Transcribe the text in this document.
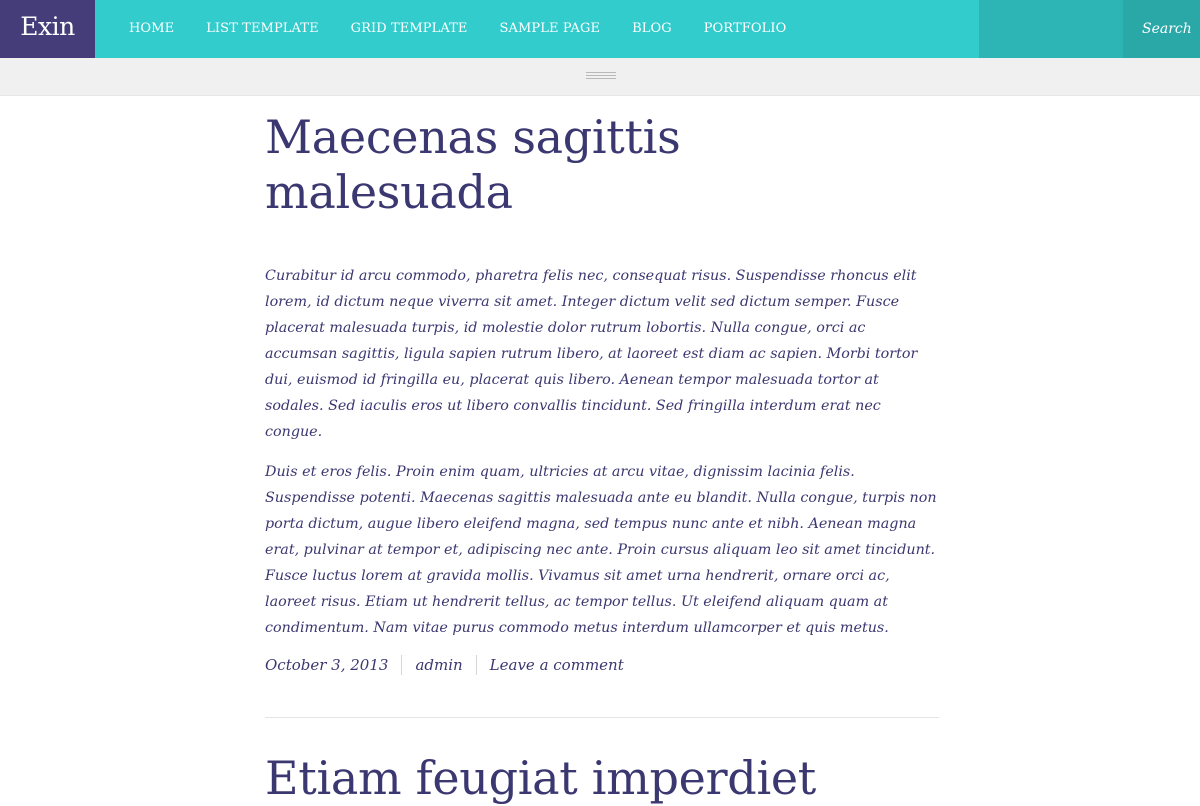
Exin	HOME	LIST TEMPLATE	GRID TEMPLATE	SAMPLE PAGE	BLOG	PORTFOLIO	Search
Maecenas sagittis malesuada

Curabitur id arcu commodo, pharetra felis nec, consequat risus. Suspendisse rhoncus elit lorem, id dictum neque viverra sit amet. Integer dictum velit sed dictum semper. Fusce placerat malesuada turpis, id molestie dolor rutrum lobortis. Nulla congue, orci ac accumsan sagittis, ligula sapien rutrum libero, at laoreet est diam ac sapien. Morbi tortor dui, euismod id fringilla eu, placerat quis libero. Aenean tempor malesuada tortor at sodales. Sed iaculis eros ut libero convallis tincidunt. Sed fringilla interdum erat nec congue.

Duis et eros felis. Proin enim quam, ultricies at arcu vitae, dignissim lacinia felis. Suspendisse potenti. Maecenas sagittis malesuada ante eu blandit. Nulla congue, turpis non porta dictum, augue libero eleifend magna, sed tempus nunc ante et nibh. Aenean magna erat, pulvinar at tempor et, adipiscing nec ante. Proin cursus aliquam leo sit amet tincidunt. Fusce luctus lorem at gravida mollis. Vivamus sit amet urna hendrerit, ornare orci ac, laoreet risus. Etiam ut hendrerit tellus, ac tempor tellus. Ut eleifend aliquam quam at condimentum. Nam vitae purus commodo metus interdum ullamcorper et quis metus.

October 3, 2013	admin	Leave a comment
Etiam feugiat imperdiet
